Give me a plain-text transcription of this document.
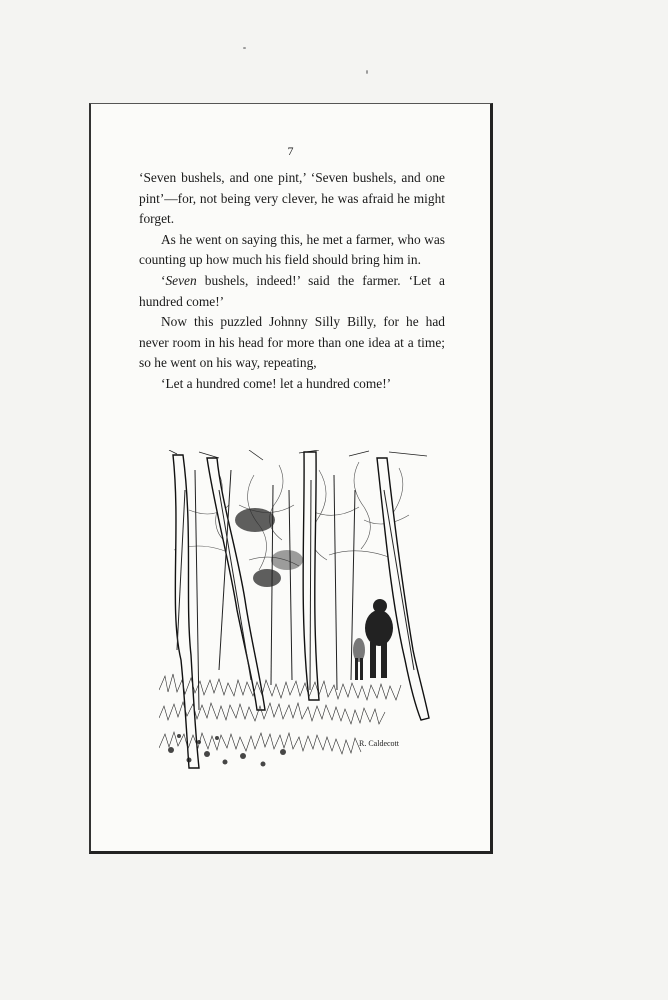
7

‘Seven bushels, and one pint,’ ‘Seven bushels, and one pint’—for, not being very clever, he was afraid he might forget.

As he went on saying this, he met a farmer, who was counting up how much his field should bring him in.

‘Seven bushels, indeed!’ said the farmer. ‘Let a hundred come!’

Now this puzzled Johnny Silly Billy, for he had never room in his head for more than one idea at a time; so he went on his way, repeating,

‘Let a hundred come! let a hundred come!’

R. Caldecott
